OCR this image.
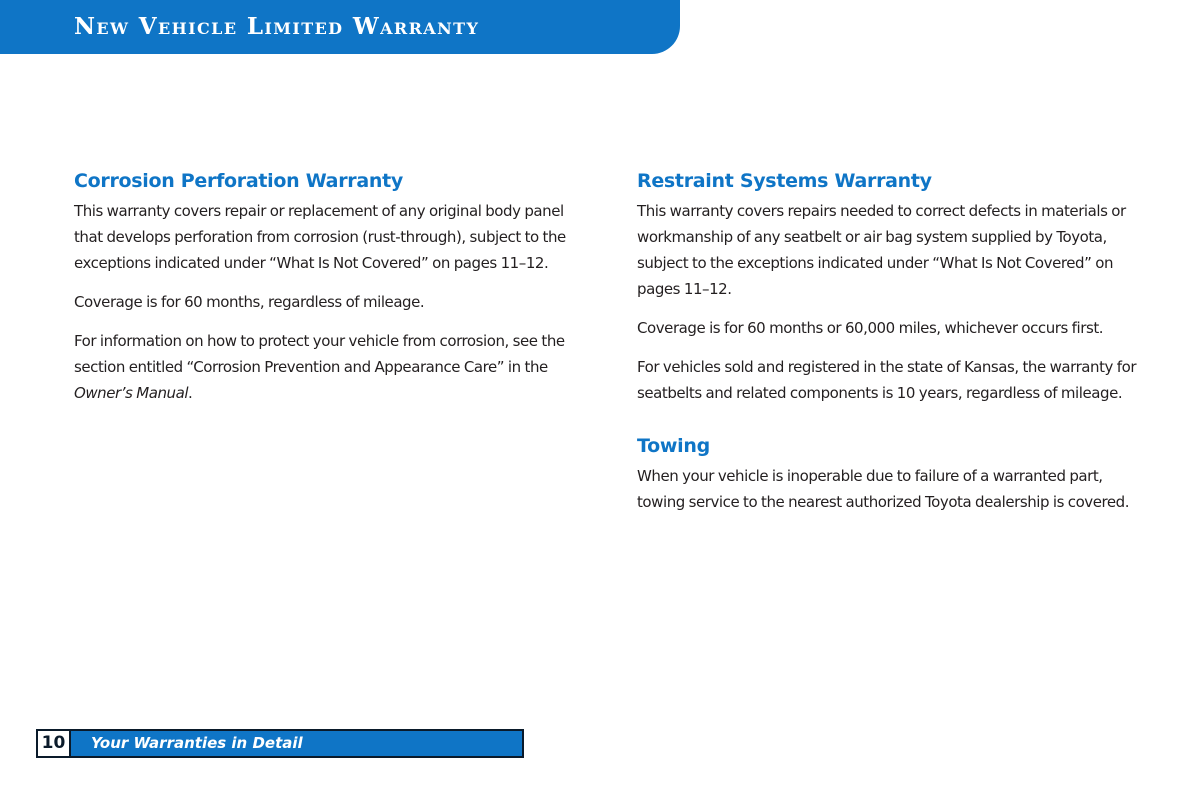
New Vehicle Limited Warranty
Corrosion Perforation Warranty

This warranty covers repair or replacement of any original body panel that develops perforation from corrosion (rust-through), subject to the exceptions indicated under “What Is Not Covered” on pages 11–12.

Coverage is for 60 months, regardless of mileage.

For information on how to protect your vehicle from corrosion, see the section entitled “Corrosion Prevention and Appearance Care” in the Owner’s Manual.

Restraint Systems Warranty

This warranty covers repairs needed to correct defects in materials or workmanship of any seatbelt or air bag system supplied by Toyota, subject to the exceptions indicated under “What Is Not Covered” on pages 11–12.

Coverage is for 60 months or 60,000 miles, whichever occurs first.

For vehicles sold and registered in the state of Kansas, the warranty for seatbelts and related components is 10 years, regardless of mileage.

Towing

When your vehicle is inoperable due to failure of a warranted part, towing service to the nearest authorized Toyota dealership is covered.

10	Your Warranties in Detail
